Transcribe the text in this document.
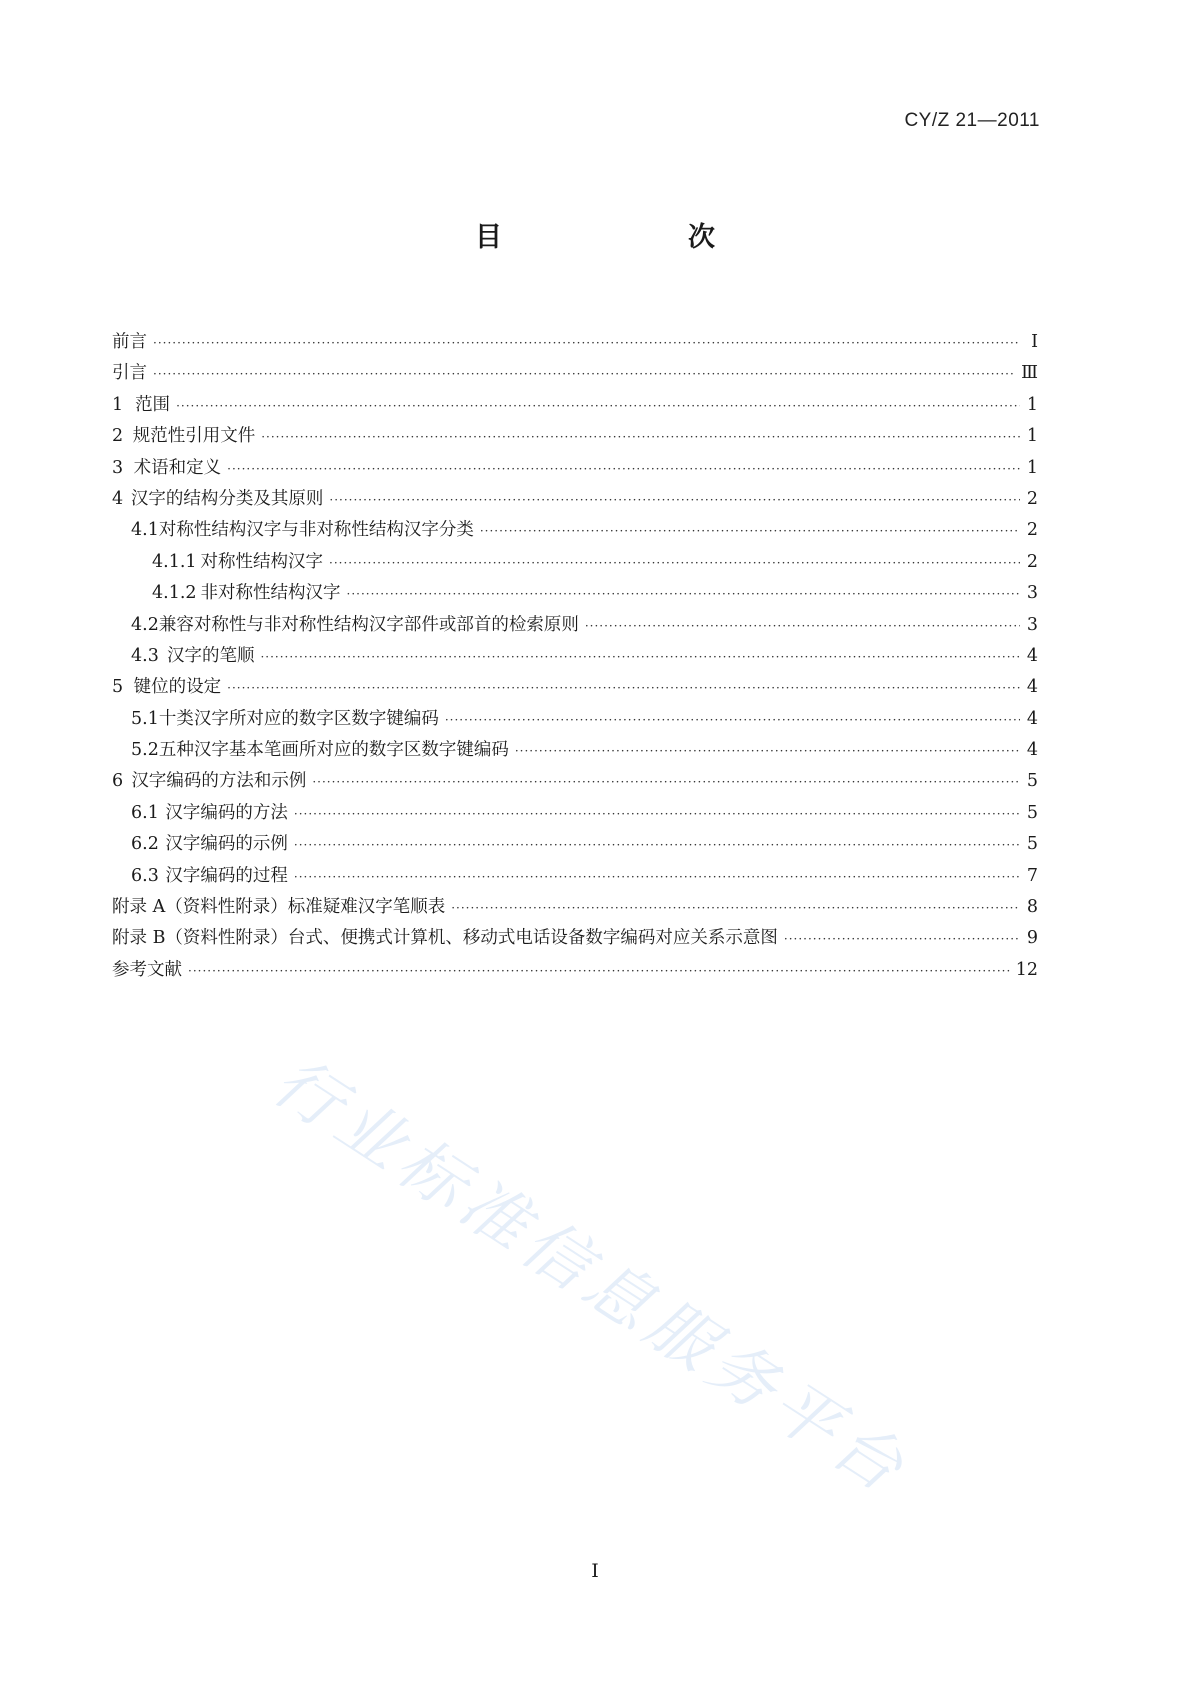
CY/Z 21—2011
目　　次
前言 ·····	Ⅰ
引言 ·····	Ⅲ
1 范围 ·····	1
2 规范性引用文件 ·····	1
3 术语和定义 ·····	1
4 汉字的结构分类及其原则 ·····	2
4.1 对称性结构汉字与非对称性结构汉字分类 ·····	2
4.1.1 对称性结构汉字 ·····	2
4.1.2 非对称性结构汉字 ·····	3
4.2 兼容对称性与非对称性结构汉字部件或部首的检索原则 ·····	3
4.3 汉字的笔顺 ·····	4
5 键位的设定 ·····	4
5.1 十类汉字所对应的数字区数字键编码 ·····	4
5.2 五种汉字基本笔画所对应的数字区数字键编码 ·····	4
6 汉字编码的方法和示例 ·····	5
6.1 汉字编码的方法 ·····	5
6.2 汉字编码的示例 ·····	5
6.3 汉字编码的过程 ·····	7
附录 A（资料性附录）标准疑难汉字笔顺表 ·····	8
附录 B（资料性附录）台式、便携式计算机、移动式电话设备数字编码对应关系示意图 ·····	9
参考文献 ·····	12
行业标准信息服务平台
Ⅰ
